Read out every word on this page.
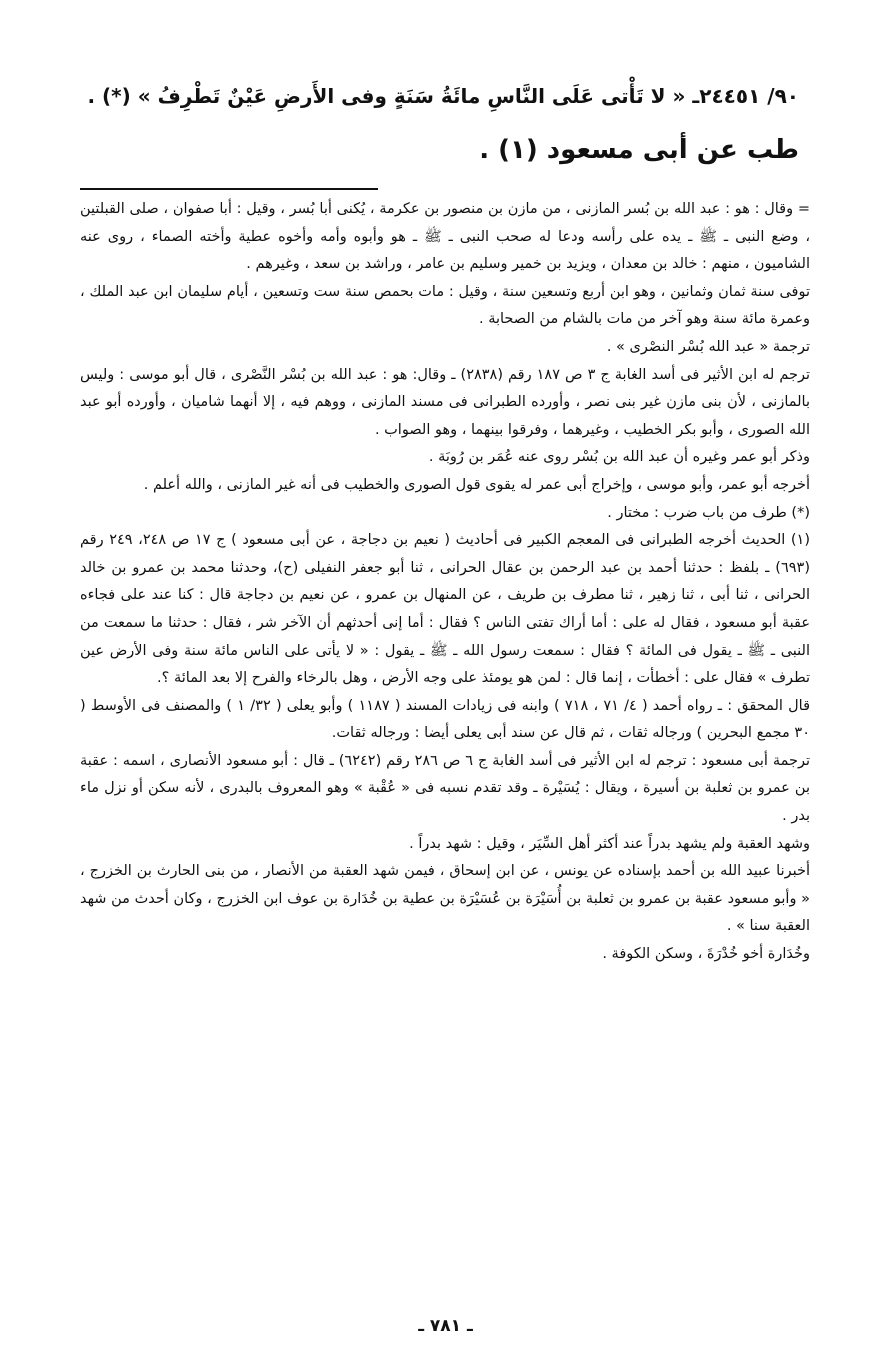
٩٠/ ٢٤٤٥١ـ « لا تَأْتى عَلَى النَّاسِ مائَةُ سَنَةٍ وفى الأَرضِ عَيْنٌ تَطْرِفُ » (*) .
طب عن أبى مسعود (١) .

= وقال : هو : عبد الله بن بُسر المازنى ، من مازن بن منصور بن عكرمة ، يُكنى أبا بُسر ، وقيل : أبا صفوان ، صلى القبلتين ، وضع النبى ـ ﷺ ـ يده على رأسه ودعا له صحب النبى ـ ﷺ ـ هو وأبوه وأمه وأخوه عطية وأخته الصماء ، روى عنه الشاميون ، منهم : خالد بن معدان ، ويزيد بن خمير وسليم بن عامر ، وراشد بن سعد ، وغيرهم .

توفى سنة ثمان وثمانين ، وهو ابن أربع وتسعين سنة ، وقيل : مات بحمص سنة ست وتسعين ، أيام سليمان ابن عبد الملك ، وعمرة مائة سنة وهو آخر من مات بالشام من الصحابة .

ترجمة « عبد الله بُسْر النصْرى » .

ترجم له ابن الأثير فى أسد الغابة ج ٣ ص ١٨٧ رقم (٢٨٣٨) ـ وقال: هو : عبد الله بن بُسْر النَّصْرى ، قال أبو موسى : وليس بالمازنى ، لأن بنى مازن غير بنى نصر ، وأورده الطبرانى فى مسند المازنى ، ووهم فيه ، إلا أنهما شاميان ، وأورده أبو عبد الله الصورى ، وأبو بكر الخطيب ، وغيرهما ، وفرقوا بينهما ، وهو الصواب .

وذكر أبو عمر وغيره أن عبد الله بن بُسْر روى عنه عُمَر بن رُوبَة .

أخرجه أبو عمر، وأبو موسى ، وإخراج أبى عمر له يقوى قول الصورى والخطيب فى أنه غير المازنى ، والله أعلم .

(*) طرف من باب ضرب : مختار .

(١) الحديث أخرجه الطبرانى فى المعجم الكبير فى أحاديث ( نعيم بن دجاجة ، عن أبى مسعود ) ج ١٧ ص ٢٤٨، ٢٤٩ رقم (٦٩٣) ـ بلفظ : حدثنا أحمد بن عبد الرحمن بن عقال الحرانى ، ثنا أبو جعفر النفيلى (ح)، وحدثنا محمد بن عمرو بن خالد الحرانى ، ثنا أبى ، ثنا زهير ، ثنا مطرف بن طريف ، عن المنهال بن عمرو ، عن نعيم بن دجاجة قال : كنا عند على فجاءه عقبة أبو مسعود ، فقال له على : أما أراك تفتى الناس ؟ فقال : أما إنى أحدثهم أن الآخر شر ، فقال : حدثنا ما سمعت من النبى ـ ﷺ ـ يقول فى المائة ؟ فقال : سمعت رسول الله ـ ﷺ ـ يقول : « لا يأتى على الناس مائة سنة وفى الأرض عين تطرف » فقال على : أخطأت ، إنما قال : لمن هو يومئذ على وجه الأرض ، وهل بالرخاء والفرح إلا بعد المائة ؟.

قال المحقق : ـ رواه أحمد ( ٤/ ٧١ ، ٧١٨ ) وابنه فى زيادات المسند ( ١١٨٧ ) وأبو يعلى ( ٣٢/ ١ ) والمصنف فى الأوسط ( ٣٠ مجمع البحرين ) ورجاله ثقات ، ثم قال عن سند أبى يعلى أيضا : ورجاله ثقات.

ترجمة أبى مسعود : ترجم له ابن الأثير فى أسد الغابة ج ٦ ص ٢٨٦ رقم (٦٢٤٢) ـ قال : أبو مسعود الأنصارى ، اسمه : عقبة بن عمرو بن ثعلبة بن أسيرة ، ويقال : يُسَيْرة ـ وقد تقدم نسبه فى « عُقْبة » وهو المعروف بالبدرى ، لأنه سكن أو نزل ماء بدر .

وشهد العقبة ولم يشهد بدراً عند أكثر أهل السِّيَر ، وقيل : شهد بدراً .

أخبرنا عبيد الله بن أحمد بإسناده عن يونس ، عن ابن إسحاق ، فيمن شهد العقبة من الأنصار ، من بنى الحارث بن الخزرج ، « وأبو مسعود عقبة بن عمرو بن ثعلبة بن أُسَيْرَة بن عُسَيْرَة بن عطية بن خُدَارة بن عوف ابن الخزرج ، وكان أحدث من شهد العقبة سنا » .

وخُدَارة أخو خُدْرَةَ ، وسكن الكوفة .

ـ ٧٨١ ـ
